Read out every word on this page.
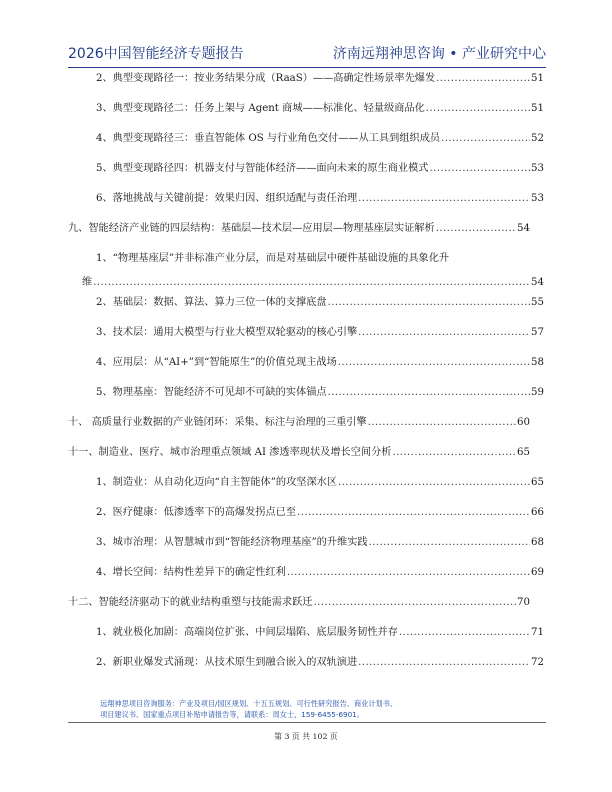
2026中国智能经济专题报告	济南远翔神思咨询 • 产业研究中心
2、典型变现路径一：按业务结果分成（RaaS）——高确定性场景率先爆发 .....	51
3、典型变现路径二：任务上架与 Agent 商城——标准化、轻量级商品化 .....	51
4、典型变现路径三：垂直智能体 OS 与行业角色交付——从工具到组织成员 .....	52
5、典型变现路径四：机器支付与智能体经济——面向未来的原生商业模式 .....	53
6、落地挑战与关键前提：效果归因、组织适配与责任治理 .....	53
九、智能经济产业链的四层结构：基础层—技术层—应用层—物理基座层实证解析 .....	54
1、“物理基座层”并非标准产业分层，而是对基础层中硬件基础设施的具象化升
维 .....	54
2、基础层：数据、算法、算力三位一体的支撑底盘 .....	55
3、技术层：通用大模型与行业大模型双轮驱动的核心引擎 .....	57
4、应用层：从“AI+”到“智能原生”的价值兑现主战场 .....	58
5、物理基座：智能经济不可见却不可缺的实体锚点 .....	59
十、 高质量行业数据的产业链闭环：采集、标注与治理的三重引擎 .....	60
十一、制造业、医疗、城市治理重点领域 AI 渗透率现状及增长空间分析 .....	65
1、制造业：从自动化迈向“自主智能体”的攻坚深水区 .....	65
2、医疗健康：低渗透率下的高爆发拐点已至 .....	66
3、城市治理：从智慧城市到“智能经济物理基座”的升维实践 .....	68
4、增长空间：结构性差异下的确定性红利 .....	69
十二、智能经济驱动下的就业结构重塑与技能需求跃迁 .....	70
1、就业极化加剧：高端岗位扩张、中间层塌陷、底层服务韧性并存 .....	71
2、新职业爆发式涌现：从技术原生到融合嵌入的双轨演进 .....	72
远翔神思项目咨询服务：产业及项目/园区规划、十五五规划、可行性研究报告、商业计划书、
项目建议书、国家重点项目补贴申请报告等，请联系：周女士，159-6455-6901。
第 3 页 共 102 页
